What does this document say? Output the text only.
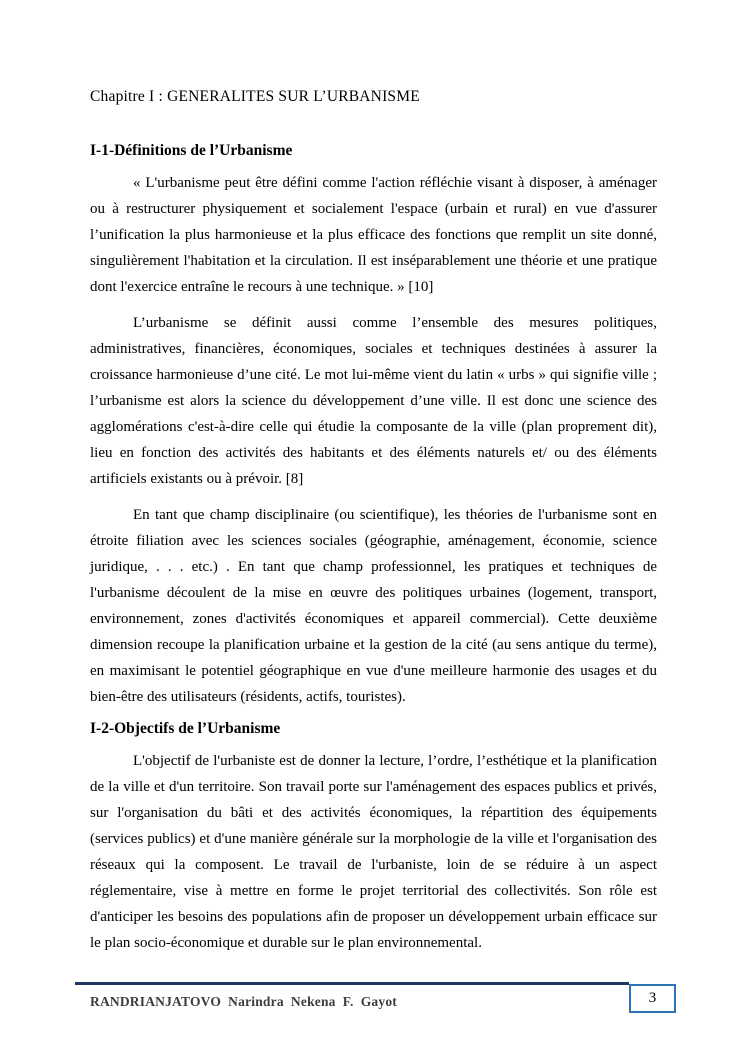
Chapitre I : GENERALITES SUR L’URBANISME
I-1-Définitions de l’Urbanisme

« L'urbanisme peut être défini comme l'action réfléchie visant à disposer, à aménager ou à restructurer physiquement et socialement l'espace (urbain et rural) en vue d'assurer l’unification la plus harmonieuse et la plus efficace des fonctions que remplit un site donné, singulièrement l'habitation et la circulation. Il est inséparablement une théorie et une pratique dont l'exercice entraîne le recours à une technique. » [10]

L’urbanisme se définit aussi comme l’ensemble des mesures politiques, administratives, financières, économiques, sociales et techniques destinées à assurer la croissance harmonieuse d’une cité. Le mot lui-même vient du latin « urbs » qui signifie ville ; l’urbanisme est alors la science du développement d’une ville. Il est donc une science des agglomérations c'est-à-dire celle qui étudie la composante de la ville (plan proprement dit), lieu en fonction des activités des habitants et des éléments naturels et/ ou des éléments artificiels existants ou à prévoir. [8]

En tant que champ disciplinaire (ou scientifique), les théories de l'urbanisme sont en étroite filiation avec les sciences sociales (géographie, aménagement, économie, science juridique, . . . etc.) . En tant que champ professionnel, les pratiques et techniques de l'urbanisme découlent de la mise en œuvre des politiques urbaines (logement, transport, environnement, zones d'activités économiques et appareil commercial). Cette deuxième dimension recoupe la planification urbaine et la gestion de la cité (au sens antique du terme), en maximisant le potentiel géographique en vue d'une meilleure harmonie des usages et du bien-être des utilisateurs (résidents, actifs, touristes).

I-2-Objectifs de l’Urbanisme

L'objectif de l'urbaniste est de donner la lecture, l’ordre, l’esthétique et la planification de la ville et d'un territoire. Son travail porte sur l'aménagement des espaces publics et privés, sur l'organisation du bâti et des activités économiques, la répartition des équipements (services publics) et d'une manière générale sur la morphologie de la ville et l'organisation des réseaux qui la composent. Le travail de l'urbaniste, loin de se réduire à un aspect réglementaire, vise à mettre en forme le projet territorial des collectivités. Son rôle est d'anticiper les besoins des populations afin de proposer un développement urbain efficace sur le plan socio-économique et durable sur le plan environnemental.

RANDRIANJATOVO  Narindra  Nekena  F.  Gayot	3
